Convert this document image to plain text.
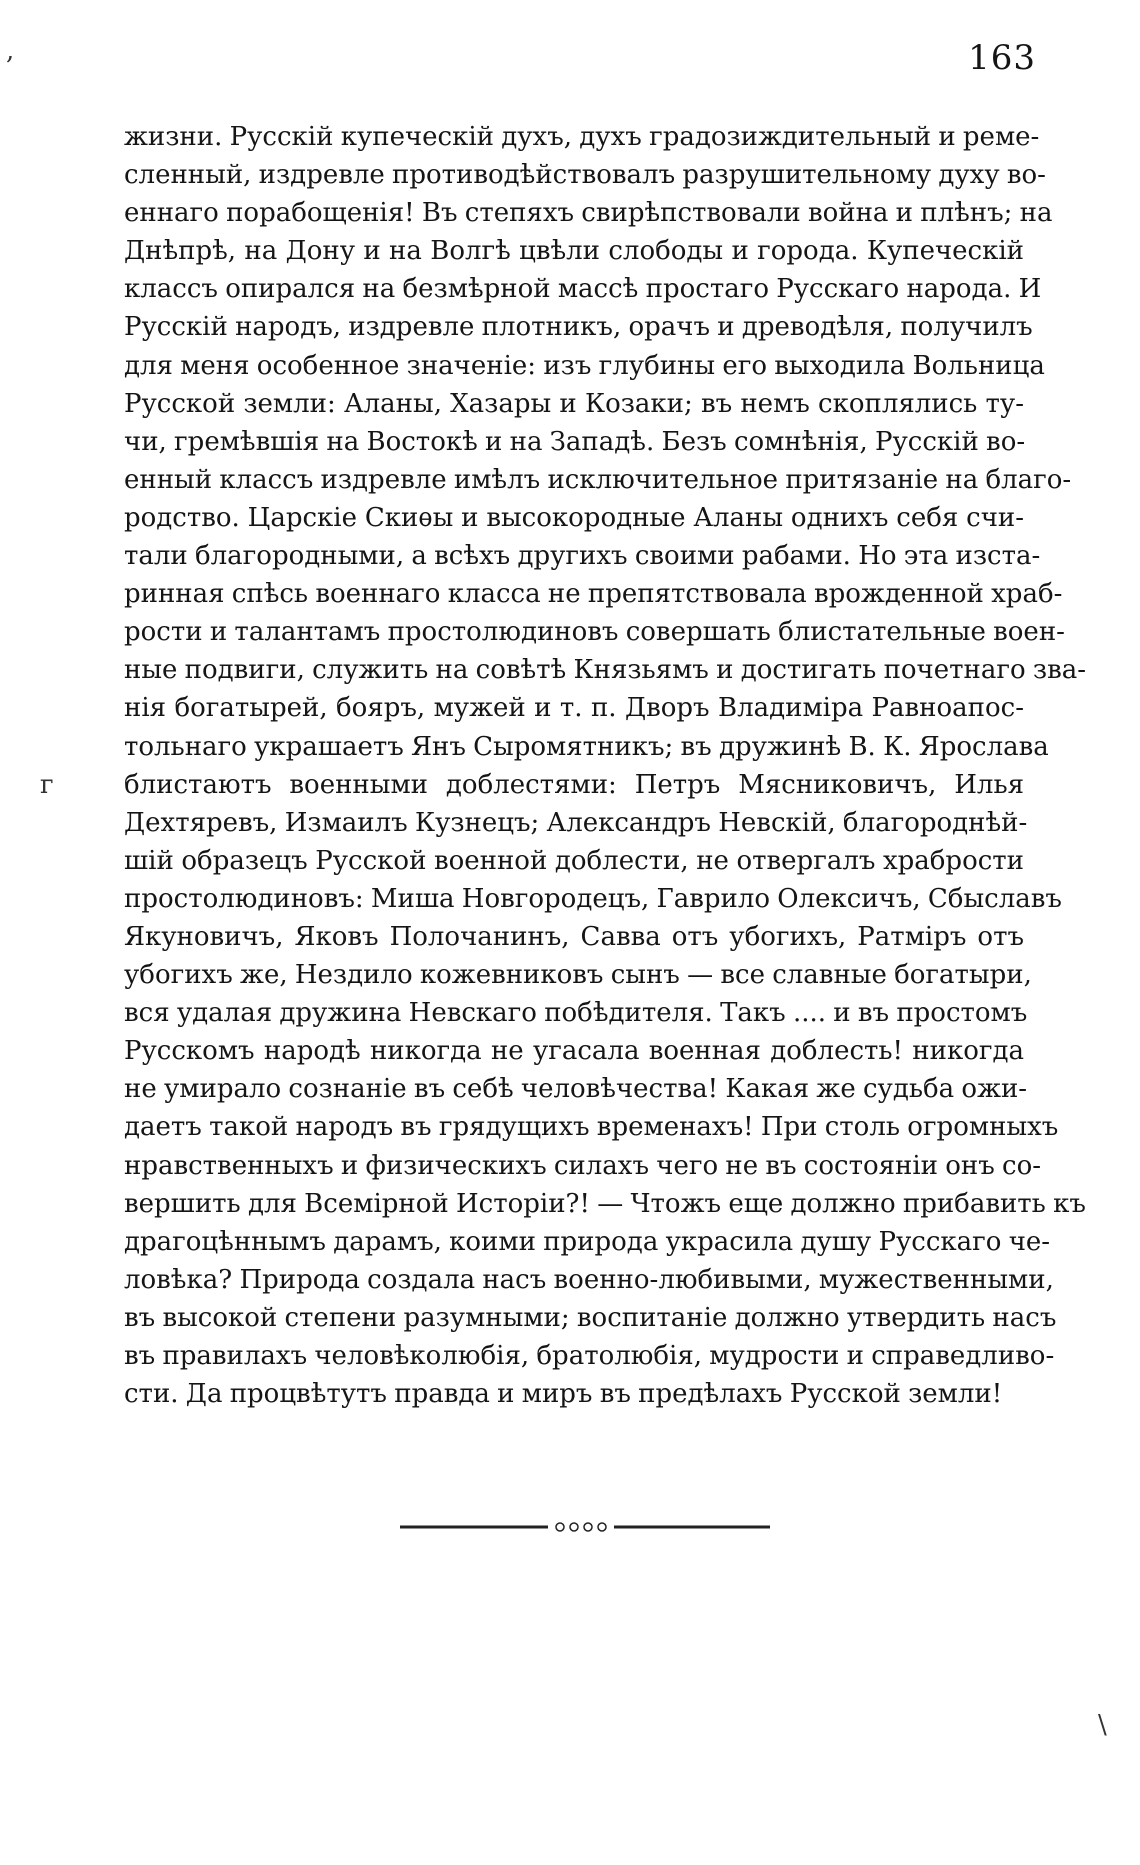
163
,
г
\
жизни. Русскій купеческій духъ, духъ градозиждительный и реме-
сленный, издревле противодѣйствовалъ разрушительному духу во-
еннаго порабощенія! Въ степяхъ свирѣпствовали война и плѣнъ; на
Днѣпрѣ, на Дону и на Волгѣ цвѣли слободы и города. Купеческій
классъ опирался на безмѣрной массѣ простаго Русскаго народа. И
Русскій народъ, издревле плотникъ, орачъ и древодѣля, получилъ
для меня особенное значеніе: изъ глубины его выходила Вольница
Русской земли: Аланы, Хазары и Козаки; въ немъ скоплялись ту-
чи, гремѣвшія на Востокѣ и на Западѣ. Безъ сомнѣнія, Русскій во-
енный классъ издревле имѣлъ исключительное притязаніе на благо-
родство. Царскіе Скиѳы и высокородные Аланы однихъ себя счи-
тали благородными, а всѣхъ другихъ своими рабами. Но эта изста-
ринная спѣсь военнаго класса не препятствовала врожденной храб-
рости и талантамъ простолюдиновъ совершать блистательные воен-
ные подвиги, служить на совѣтѣ Князьямъ и достигать почетнаго зва-
нія богатырей, бояръ, мужей и т. п. Дворъ Владиміра Равноапос-
тольнаго украшаетъ Янъ Сыромятникъ; въ дружинѣ В. К. Ярослава
блистаютъ военными доблестями: Петръ Мясниковичъ, Илья
Дехтяревъ, Измаилъ Кузнецъ; Александръ Невскій, благороднѣй-
шій образецъ Русской военной доблести, не отвергалъ храбрости
простолюдиновъ: Миша Новгородецъ, Гаврило Олексичъ, Сбыславъ
Якуновичъ, Яковъ Полочанинъ, Савва отъ убогихъ, Ратміръ отъ
убогихъ же, Нездило кожевниковъ сынъ — все славные богатыри,
вся удалая дружина Невскаго побѣдителя. Такъ .... и въ простомъ
Русскомъ народѣ никогда не угасала военная доблесть! никогда
не умирало сознаніе въ себѣ человѣчества! Какая же судьба ожи-
даетъ такой народъ въ грядущихъ временахъ! При столь огромныхъ
нравственныхъ и физическихъ силахъ чего не въ состояніи онъ со-
вершить для Всемірной Исторіи?! — Чтожъ еще должно прибавить къ
драгоцѣннымъ дарамъ, коими природа украсила душу Русскаго че-
ловѣка? Природа создала насъ военно-любивыми, мужественными,
въ высокой степени разумными; воспитаніе должно утвердить насъ
въ правилахъ человѣколюбія, братолюбія, мудрости и справедливо-
сти. Да процвѣтутъ правда и миръ въ предѣлахъ Русской земли!
